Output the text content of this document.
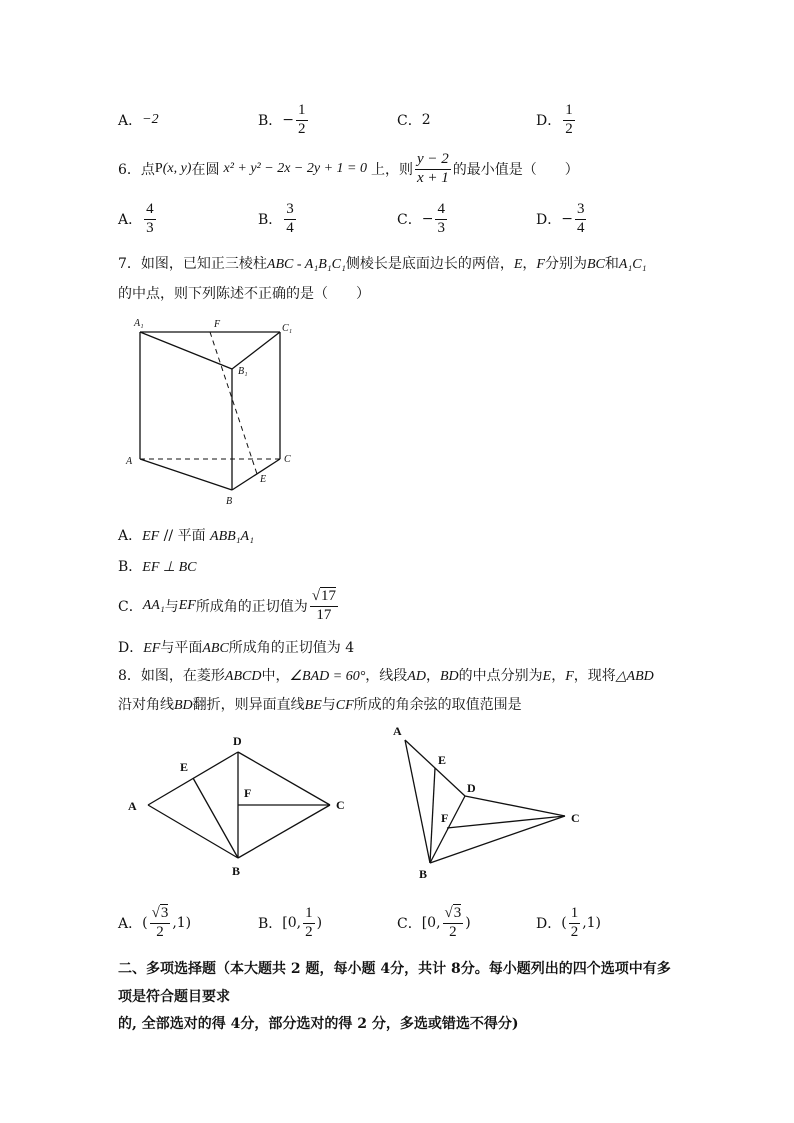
A． −2	B． − $\frac{1}{2}$	C． 2	D． $\frac{1}{2}$
6．点 P (x, y) 在圆 x² + y² − 2x − 2y + 1 = 0 上，则 $\frac{y - 2}{x + 1}$ 的最小值是（　　）
A． $\frac{4}{3}$	B． $\frac{3}{4}$	C． − $\frac{4}{3}$	D． − $\frac{3}{4}$
7．如图，已知正三棱柱ABC - A₁B₁C₁侧棱长是底面边长的两倍，E，F分别为BC和A₁C₁
的中点，则下列陈述不正确的是（　　）
A₁	F	C₁
B₁
A	C
E
B
A．EF // 平面 ABB₁A₁
B．EF ⊥ BC
C． AA₁ 与 EF 所成角的正切值为 $\frac{√17}{17}$
D．EF与平面ABC所成角的正切值为 4
8．如图，在菱形ABCD中，∠BAD = 60°，线段AD，BD的中点分别为E，F，现将△ABD
沿对角线BD翻折，则异面直线BE与CF所成的角余弦的取值范围是
A
D
E
F
C
B
A
E
D
F	C
B
A． ( $\frac{√3}{2} ,1$)	B． [0, $\frac{1}{2}$ )	C． [0, $\frac{√3}{2}$ )	D． ( $\frac{1}{2} ,1$)
二、多项选择题（本大题共 2 题，每小题 4分，共计 8分。每小题列出的四个选项中有多
项是符合题目要求
的, 全部选对的得 4分，部分选对的得 2 分，多选或错选不得分)
